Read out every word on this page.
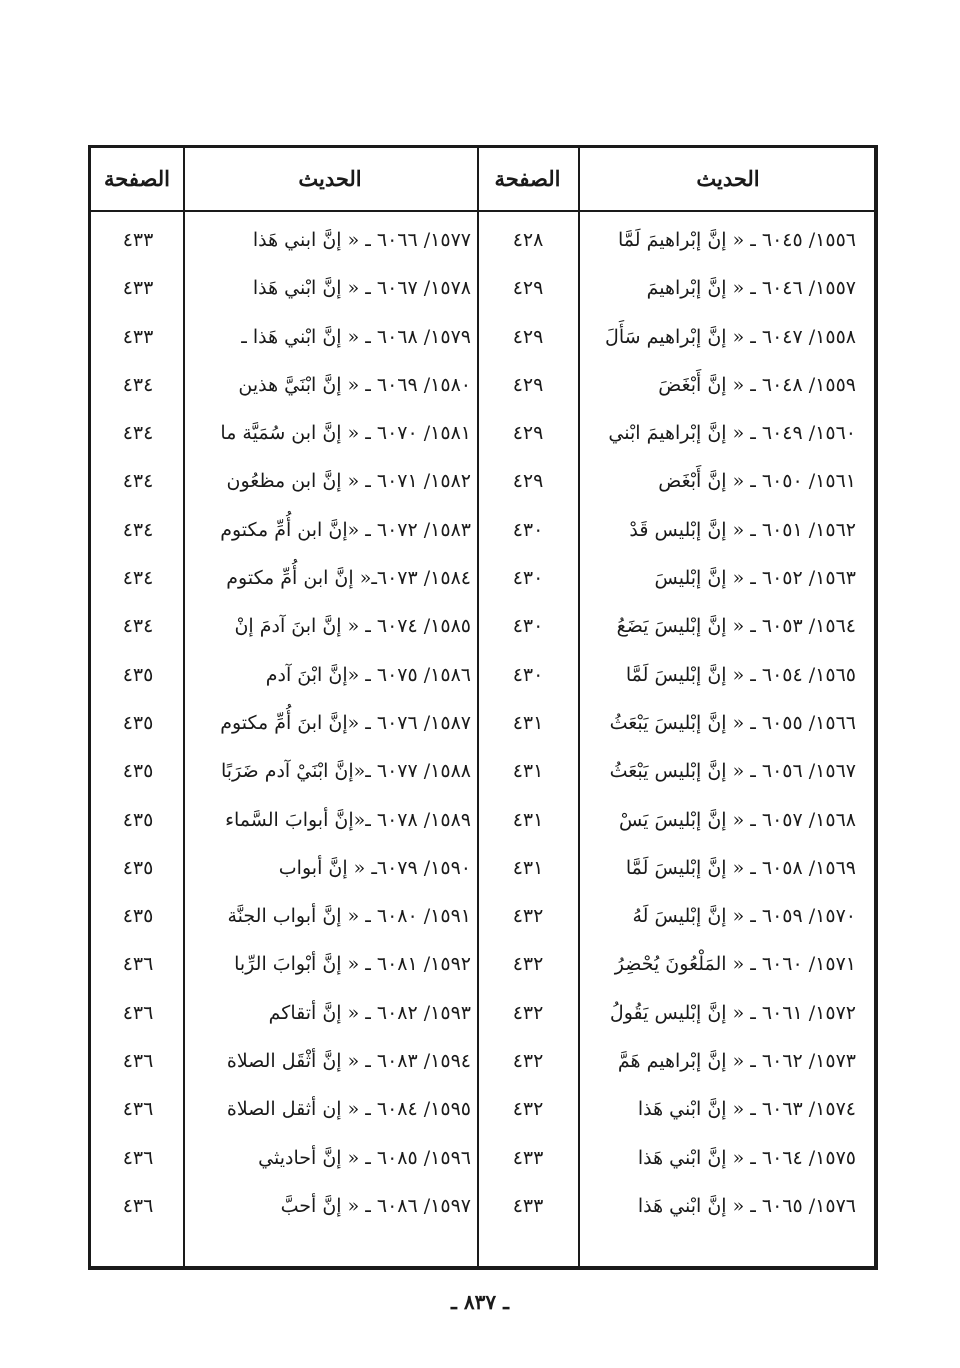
الحديث
الصفحة
الحديث
الصفحة
١٥٥٦/ ٦٠٤٥ ـ « إنَّ إبْراهيمَ لَمَّا
١٥٥٧/ ٦٠٤٦ ـ « إنَّ إبْراهيمَ
١٥٥٨/ ٦٠٤٧ ـ « إنَّ إبْراهيم سَأَلَ
١٥٥٩/ ٦٠٤٨ ـ « إنَّ أَبْغَضَ
١٥٦٠/ ٦٠٤٩ ـ « إنَّ إبْراهيمَ ابْني
١٥٦١/ ٦٠٥٠ ـ « إنَّ أَبْغَض
١٥٦٢/ ٦٠٥١ ـ « إنَّ إبْليس قَدْ
١٥٦٣/ ٦٠٥٢ ـ « إنَّ إبْليسَ
١٥٦٤/ ٦٠٥٣ ـ « إنَّ إبْليسَ يَضَعُ
١٥٦٥/ ٦٠٥٤ ـ « إنَّ إبْليسَ لَمَّا
١٥٦٦/ ٦٠٥٥ ـ « إنَّ إبْليسَ يَبْعَثُ
١٥٦٧/ ٦٠٥٦ ـ « إنَّ إبْليس يَبْعَثُ
١٥٦٨/ ٦٠٥٧ ـ « إنَّ إبْليسَ يَسْ
١٥٦٩/ ٦٠٥٨ ـ « إنَّ إبْليسَ لَمَّا
١٥٧٠/ ٦٠٥٩ ـ « إنَّ إبْليسَ لَهُ
١٥٧١/ ٦٠٦٠ ـ « المَلْعُونَ يُحْضِرُ
١٥٧٢/ ٦٠٦١ ـ « إنَّ إبْليس يَقُولُ
١٥٧٣/ ٦٠٦٢ ـ « إنَّ إبْراهيم هَمَّ
١٥٧٤/ ٦٠٦٣ ـ « إنَّ ابْني هَذا
١٥٧٥/ ٦٠٦٤ ـ « إنَّ ابْني هَذا
١٥٧٦/ ٦٠٦٥ ـ « إنَّ ابْني هَذا
٤٢٨
٤٢٩
٤٢٩
٤٢٩
٤٢٩
٤٢٩
٤٣٠
٤٣٠
٤٣٠
٤٣٠
٤٣١
٤٣١
٤٣١
٤٣١
٤٣٢
٤٣٢
٤٣٢
٤٣٢
٤٣٢
٤٣٣
٤٣٣
١٥٧٧/ ٦٠٦٦ ـ « إنَّ ابني هَذا
١٥٧٨/ ٦٠٦٧ ـ « إنَّ ابْني هَذا
١٥٧٩/ ٦٠٦٨ ـ « إنَّ ابْني هَذا ـ
١٥٨٠/ ٦٠٦٩ ـ « إنَّ ابْنَيَّ هذين
١٥٨١/ ٦٠٧٠ ـ « إنَّ ابن سُمَيَّة ما
١٥٨٢/ ٦٠٧١ ـ « إنَّ ابن مظعُون
١٥٨٣/ ٦٠٧٢ ـ «إنَّ ابن أُمِّ مكتوم
١٥٨٤/ ٦٠٧٣ـ« إنَّ ابن أُمِّ مكتوم
١٥٨٥/ ٦٠٧٤ ـ « إنَّ ابنَ آدمَ إنْ
١٥٨٦/ ٦٠٧٥ ـ «إنَّ ابْنَ آدم
١٥٨٧/ ٦٠٧٦ ـ «إنَّ ابنَ أُمِّ مكتوم
١٥٨٨/ ٦٠٧٧ ـ«إنَّ ابْنَيْ آدم ضَرَبًا
١٥٨٩/ ٦٠٧٨ ـ«إنَّ أبوابَ السَّماء
١٥٩٠/ ٦٠٧٩ـ « إنَّ أبواب
١٥٩١/ ٦٠٨٠ ـ « إنَّ أبواب الجنَّة
١٥٩٢/ ٦٠٨١ ـ « إنَّ أبْوابَ الرِّبا
١٥٩٣/ ٦٠٨٢ ـ « إنَّ أتقاكم
١٥٩٤/ ٦٠٨٣ ـ « إنَّ أثْقَل الصلاة
١٥٩٥/ ٦٠٨٤ ـ « إن أثقل الصلاة
١٥٩٦/ ٦٠٨٥ ـ « إنَّ أحاديثي
١٥٩٧/ ٦٠٨٦ ـ « إنَّ أحبَّ
٤٣٣
٤٣٣
٤٣٣
٤٣٤
٤٣٤
٤٣٤
٤٣٤
٤٣٤
٤٣٤
٤٣٥
٤٣٥
٤٣٥
٤٣٥
٤٣٥
٤٣٥
٤٣٦
٤٣٦
٤٣٦
٤٣٦
٤٣٦
٤٣٦
ـ ٨٣٧ ـ
